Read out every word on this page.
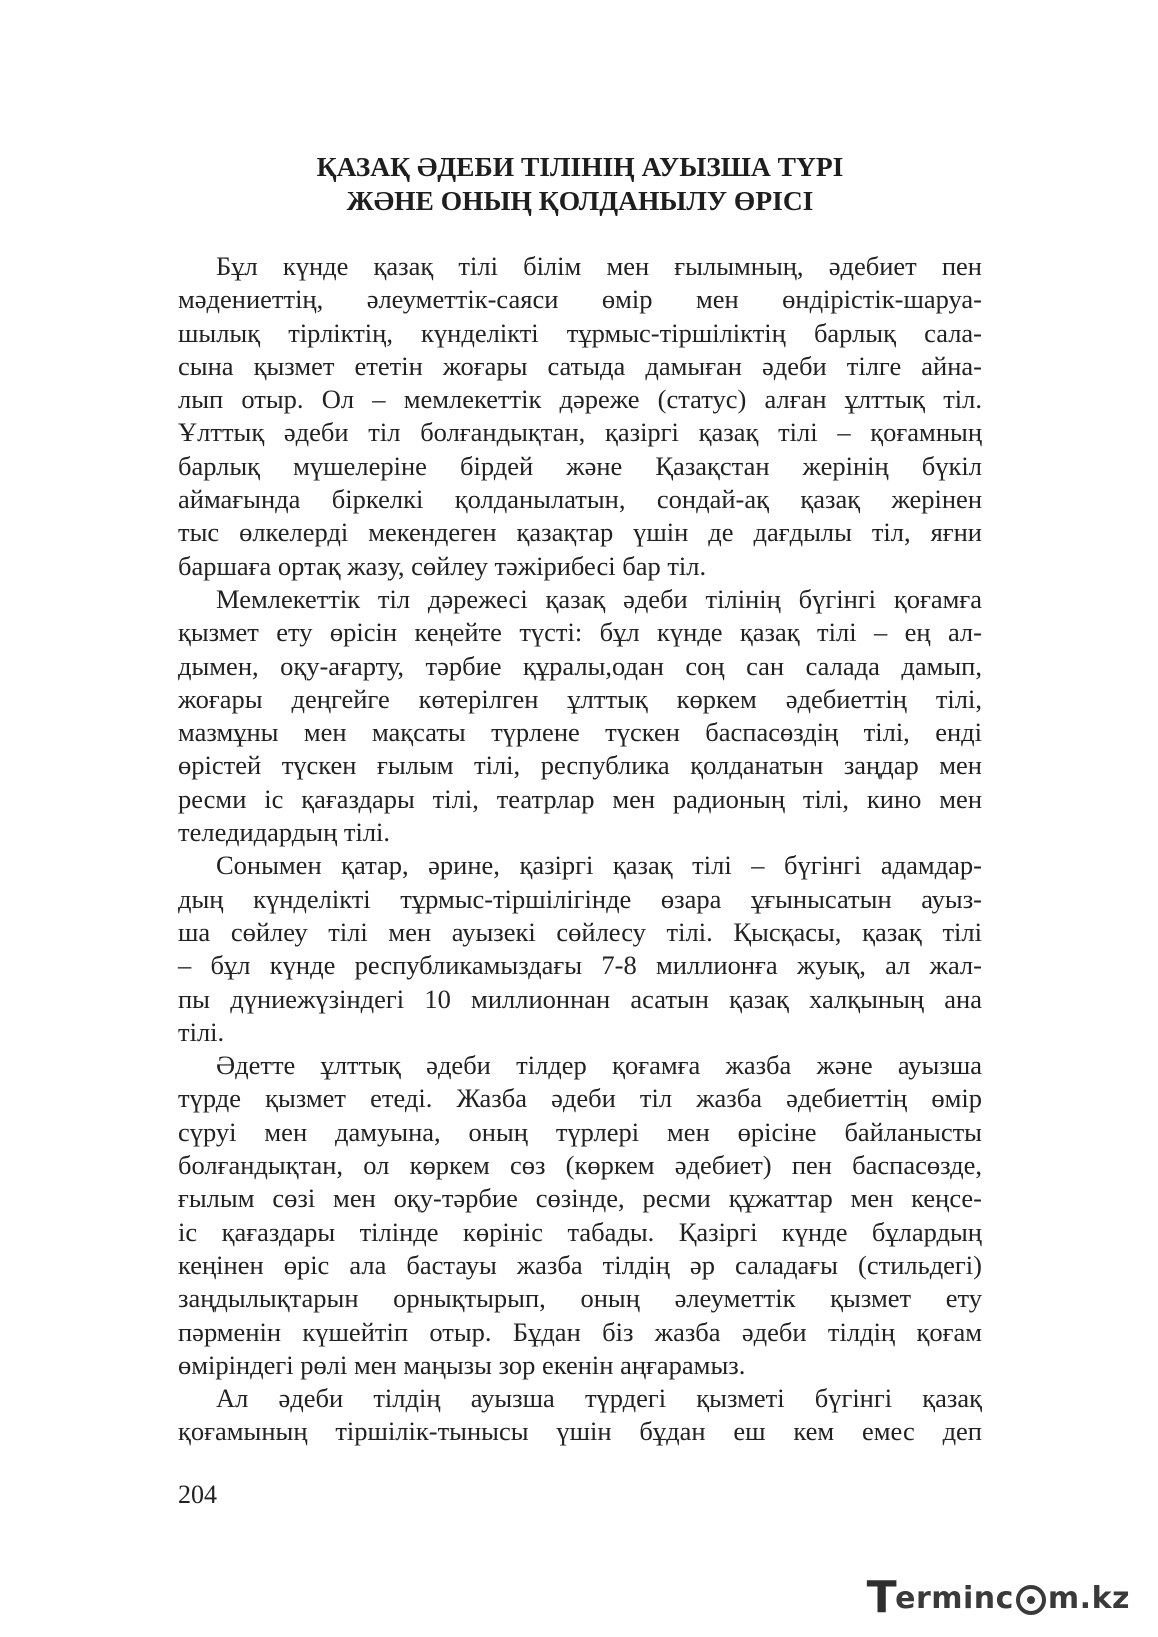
ҚАЗАҚ ӘДЕБИ ТІЛІНІҢ АУЫЗША ТҮРІ
ЖӘНЕ ОНЫҢ ҚОЛДАНЫЛУ ӨРІСІ

Бұл күнде қазақ тілі білім мен ғылымның, әдебиет пен
мәдениеттің, әлеуметтік-саяси өмір мен өндірістік-шаруа-
шылық тірліктің, күнделікті тұрмыс-тіршіліктің барлық сала-
сына қызмет ететін жоғары сатыда дамыған әдеби тілге айна-
лып отыр. Ол – мемлекеттік дәреже (статус) алған ұлттық тіл.
Ұлттық әдеби тіл болғандықтан, қазіргі қазақ тілі – қоғамның
барлық мүшелеріне бірдей және Қазақстан жерінің бүкіл
аймағында біркелкі қолданылатын, сондай-ақ қазақ жерінен
тыс өлкелерді мекендеген қазақтар үшін де дағдылы тіл, яғни
баршаға ортақ жазу, сөйлеу тәжірибесі бар тіл.

Мемлекеттік тіл дәрежесі қазақ әдеби тілінің бүгінгі қоғамға
қызмет ету өрісін кеңейте түсті: бұл күнде қазақ тілі – ең ал-
дымен, оқу-ағарту, тәрбие құралы,одан соң сан салада дамып,
жоғары деңгейге көтерілген ұлттық көркем әдебиеттің тілі,
мазмұны мен мақсаты түрлене түскен баспасөздің тілі, енді
өрістей түскен ғылым тілі, республика қолданатын заңдар мен
ресми іс қағаздары тілі, театрлар мен радионың тілі, кино мен
теледидардың тілі.

Сонымен қатар, әрине, қазіргі қазақ тілі – бүгінгі адамдар-
дың күнделікті тұрмыс-тіршілігінде өзара ұғынысатын ауыз-
ша сөйлеу тілі мен ауызекі сөйлесу тілі. Қысқасы, қазақ тілі
– бұл күнде республикамыздағы 7-8 миллионға жуық, ал жал-
пы дүниежүзіндегі 10 миллионнан асатын қазақ халқының ана
тілі.

Әдетте ұлттық әдеби тілдер қоғамға жазба және ауызша
түрде қызмет етеді. Жазба әдеби тіл жазба әдебиеттің өмір
сүруі мен дамуына, оның түрлері мен өрісіне байланысты
болғандықтан, ол көркем сөз (көркем әдебиет) пен баспасөзде,
ғылым сөзі мен оқу-тәрбие сөзінде, ресми құжаттар мен кеңсе-
іс қағаздары тілінде көрініс табады. Қазіргі күнде бұлардың
кеңінен өріс ала бастауы жазба тілдің әр саладағы (стильдегі)
заңдылықтарын орнықтырып, оның әлеуметтік қызмет ету
пәрменін күшейтіп отыр. Бұдан біз жазба әдеби тілдің қоғам
өміріндегі рөлі мен маңызы зор екенін аңғарамыз.

Ал әдеби тілдің ауызша түрдегі қызметі бүгінгі қазақ
қоғамының тіршілік-тынысы үшін бұдан еш кем емес деп

204
T
erminc m.kz
